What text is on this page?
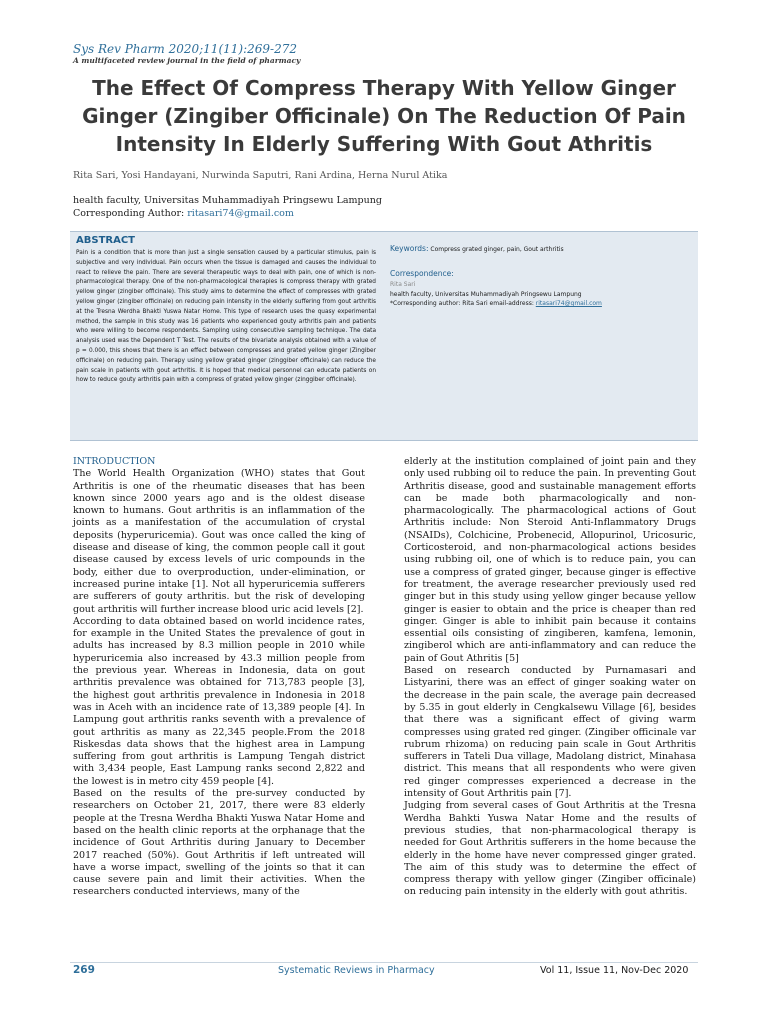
Sys Rev Pharm 2020;11(11):269-272
A multifaceted review journal in the field of pharmacy
The Effect Of Compress Therapy With Yellow Ginger Ginger (Zingiber Officinale) On The Reduction Of Pain Intensity In Elderly Suffering With Gout Athritis
Rita Sari, Yosi Handayani, Nurwinda Saputri, Rani Ardina, Herna Nurul Atika
health faculty, Universitas Muhammadiyah Pringsewu Lampung
Corresponding Author: ritasari74@gmail.com
ABSTRACT

Pain is a condition that is more than just a single sensation caused by a particular stimulus, pain is subjective and very individual. Pain occurs when the tissue is damaged and causes the individual to react to relieve the pain. There are several therapeutic ways to deal with pain, one of which is non-pharmacological therapy. One of the non-pharmacological therapies is compress therapy with grated yellow ginger (zingiber officinale). This study aims to determine the effect of compresses with grated yellow ginger (zingiber officinale) on reducing pain intensity in the elderly suffering from gout arthritis at the Tresna Werdha Bhakti Yuswa Natar Home. This type of research uses the quasy experimental method, the sample in this study was 16 patients who experienced gouty arthritis pain and patients who were willing to become respondents. Sampling using consecutive sampling technique. The data analysis used was the Dependent T Test. The results of the bivariate analysis obtained with a value of p = 0.000, this shows that there is an effect between compresses and grated yellow ginger (Zingiber officinale) on reducing pain. Therapy using yellow grated ginger (zinggiber officinale) can reduce the pain scale in patients with gout arthritis. It is hoped that medical personnel can educate patients on how to reduce gouty arthritis pain with a compress of grated yellow ginger (zinggiber officinale).

Keywords: Compress grated ginger, pain, Gout arthritis
Correspondence:
Rita Sari
health faculty, Universitas Muhammadiyah Pringsewu Lampung
*Corresponding author: Rita Sari email-address: ritasari74@gmail.com

INTRODUCTION

The World Health Organization (WHO) states that Gout Arthritis is one of the rheumatic diseases that has been known since 2000 years ago and is the oldest disease known to humans. Gout arthritis is an inflammation of the joints as a manifestation of the accumulation of crystal deposits (hyperuricemia). Gout was once called the king of disease and disease of king, the common people call it gout disease caused by excess levels of uric compounds in the body, either due to overproduction, under-elimination, or increased purine intake [1]. Not all hyperuricemia sufferers are sufferers of gouty arthritis. but the risk of developing gout arthritis will further increase blood uric acid levels [2].

According to data obtained based on world incidence rates, for example in the United States the prevalence of gout in adults has increased by 8.3 million people in 2010 while hyperuricemia also increased by 43.3 million people from the previous year. Whereas in Indonesia, data on gout arthritis prevalence was obtained for 713,783 people [3], the highest gout arthritis prevalence in Indonesia in 2018 was in Aceh with an incidence rate of 13,389 people [4]. In Lampung gout arthritis ranks seventh with a prevalence of gout arthritis as many as 22,345 people.From the 2018 Riskesdas data shows that the highest area in Lampung suffering from gout arthritis is Lampung Tengah district with 3,434 people, East Lampung ranks second 2,822 and the lowest is in metro city 459 people [4].

Based on the results of the pre-survey conducted by researchers on October 21, 2017, there were 83 elderly people at the Tresna Werdha Bhakti Yuswa Natar Home and based on the health clinic reports at the orphanage that the incidence of Gout Arthritis during January to December 2017 reached (50%). Gout Arthritis if left untreated will have a worse impact, swelling of the joints so that it can cause severe pain and limit their activities. When the researchers conducted interviews, many of the

elderly at the institution complained of joint pain and they only used rubbing oil to reduce the pain. In preventing Gout Arthritis disease, good and sustainable management efforts can be made both pharmacologically and non-pharmacologically. The pharmacological actions of Gout Arthritis include: Non Steroid Anti-Inflammatory Drugs (NSAIDs), Colchicine, Probenecid, Allopurinol, Uricosuric, Corticosteroid, and non-pharmacological actions besides using rubbing oil, one of which is to reduce pain, you can use a compress of grated ginger, because ginger is effective for treatment, the average researcher previously used red ginger but in this study using yellow ginger because yellow ginger is easier to obtain and the price is cheaper than red ginger. Ginger is able to inhibit pain because it contains essential oils consisting of zingiberen, kamfena, lemonin, zingiberol which are anti-inflammatory and can reduce the pain of Gout Athritis [5]

Based on research conducted by Purnamasari and Listyarini, there was an effect of ginger soaking water on the decrease in the pain scale, the average pain decreased by 5.35 in gout elderly in Cengkalsewu Village [6], besides that there was a significant effect of giving warm compresses using grated red ginger. (Zingiber officinale var rubrum rhizoma) on reducing pain scale in Gout Arthritis sufferers in Tateli Dua village, Madolang district, Minahasa district. This means that all respondents who were given red ginger compresses experienced a decrease in the intensity of Gout Arthritis pain [7].

Judging from several cases of Gout Arthritis at the Tresna Werdha Bahkti Yuswa Natar Home and the results of previous studies, that non-pharmacological therapy is needed for Gout Arthritis sufferers in the home because the elderly in the home have never compressed ginger grated. The aim of this study was to determine the effect of compress therapy with yellow ginger (Zingiber officinale) on reducing pain intensity in the elderly with gout athritis.

269	Systematic Reviews in Pharmacy	Vol 11, Issue 11, Nov-Dec 2020
